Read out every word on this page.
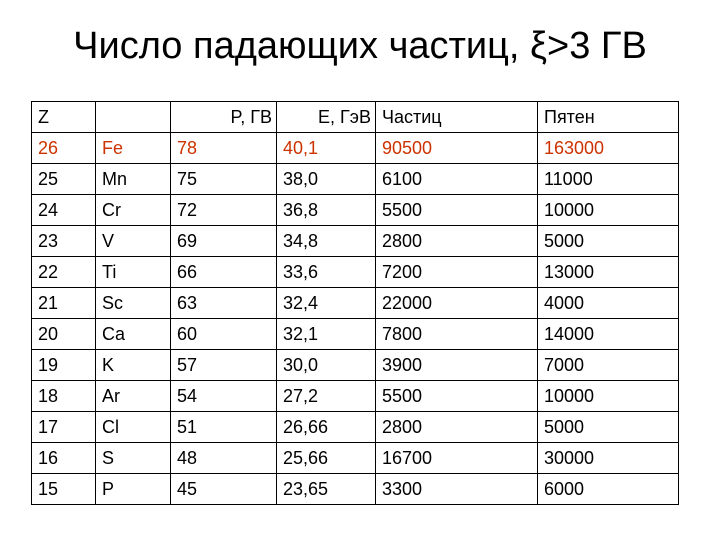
Число падающих частиц, ξ>3 ГВ
Z		P, ГВ	E, ГэВ	Частиц	Пятен
26	Fe	78	40,1	90500	163000
25	Mn	75	38,0	6100	11000
24	Cr	72	36,8	5500	10000
23	V	69	34,8	2800	5000
22	Ti	66	33,6	7200	13000
21	Sc	63	32,4	22000	4000
20	Ca	60	32,1	7800	14000
19	K	57	30,0	3900	7000
18	Ar	54	27,2	5500	10000
17	Cl	51	26,66	2800	5000
16	S	48	25,66	16700	30000
15	P	45	23,65	3300	6000
